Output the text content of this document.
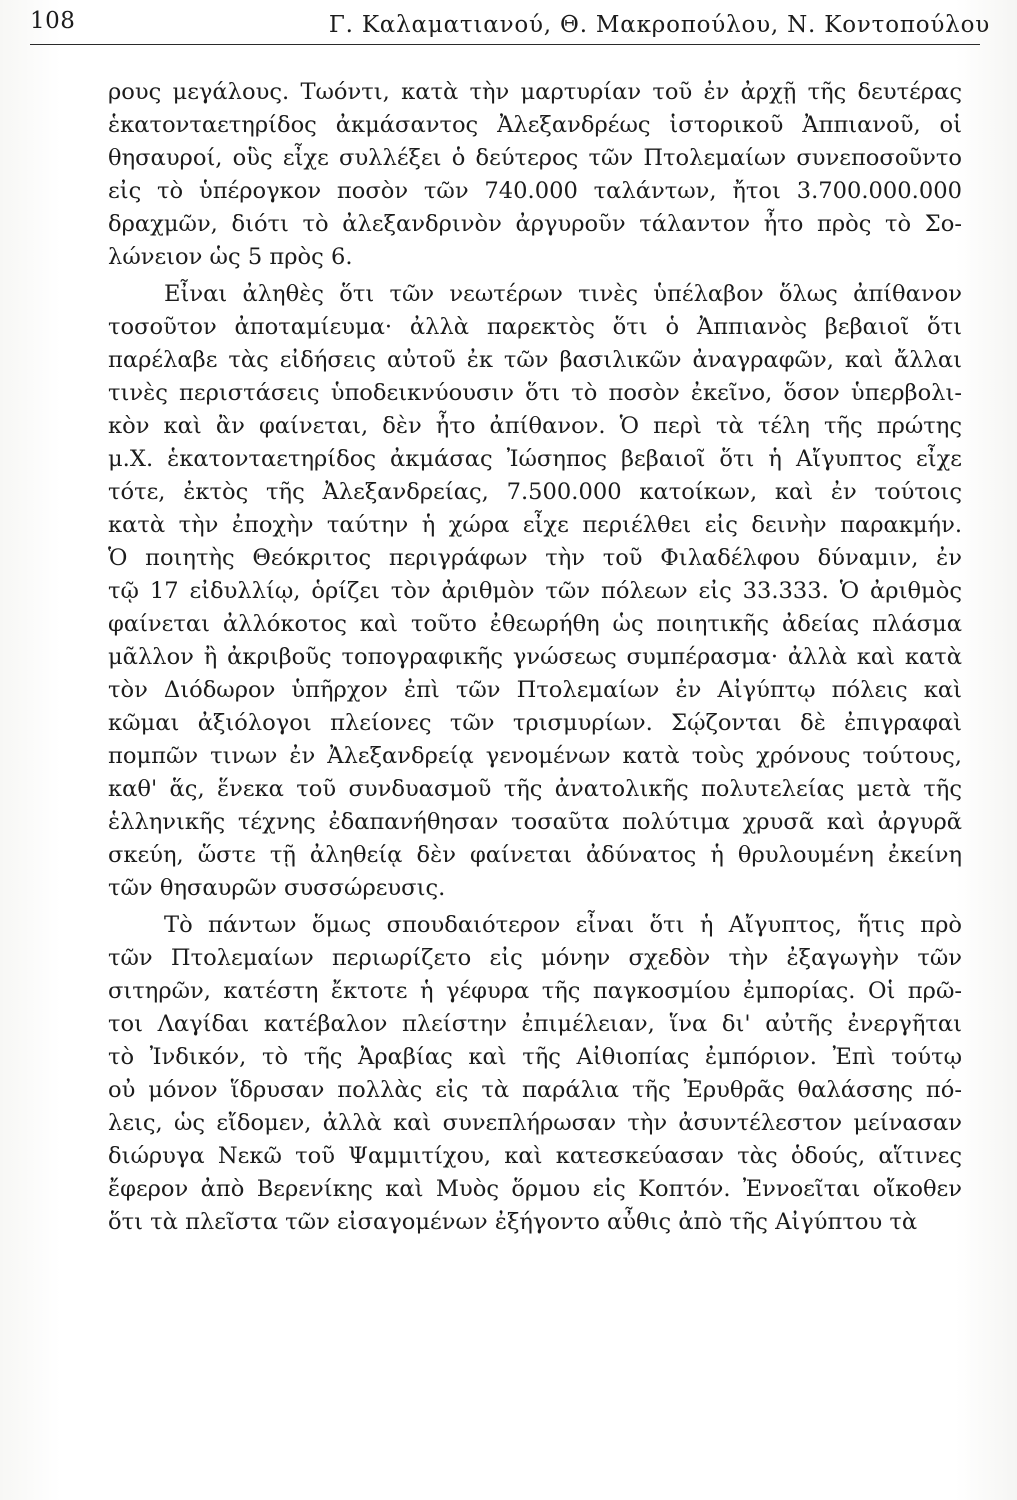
108	Γ. Καλαματιανού, Θ. Μακροπούλου, Ν. Κοντοπούλου
ρους μεγάλους. Τωόντι, κατὰ τὴν μαρτυρίαν τοῦ ἐν ἀρχῇ τῆς δευτέρας
ἑκατονταετηρίδος ἀκμάσαντος Ἀλεξανδρέως ἱστορικοῦ Ἀππιανοῦ, οἱ
θησαυροί, οὓς εἶχε συλλέξει ὁ δεύτερος τῶν Πτολεμαίων συνεποσοῦντο
εἰς τὸ ὑπέρογκον ποσὸν τῶν 740.000 ταλάντων, ἤτοι 3.700.000.000
δραχμῶν, διότι τὸ ἀλεξανδρινὸν ἀργυροῦν τάλαντον ἦτο πρὸς τὸ Σο-
λώνειον ὡς 5 πρὸς 6.
Εἶναι ἀληθὲς ὅτι τῶν νεωτέρων τινὲς ὑπέλαβον ὅλως ἀπίθανον
τοσοῦτον ἀποταμίευμα· ἀλλὰ παρεκτὸς ὅτι ὁ Ἀππιανὸς βεβαιοῖ ὅτι
παρέλαβε τὰς εἰδήσεις αὐτοῦ ἐκ τῶν βασιλικῶν ἀναγραφῶν, καὶ ἄλλαι
τινὲς περιστάσεις ὑποδεικνύουσιν ὅτι τὸ ποσὸν ἐκεῖνο, ὅσον ὑπερβολι-
κὸν καὶ ἂν φαίνεται, δὲν ἦτο ἀπίθανον. Ὁ περὶ τὰ τέλη τῆς πρώτης
μ.Χ. ἑκατονταετηρίδος ἀκμάσας Ἰώσηπος βεβαιοῖ ὅτι ἡ Αἴγυπτος εἶχε
τότε, ἐκτὸς τῆς Ἀλεξανδρείας, 7.500.000 κατοίκων, καὶ ἐν τούτοις
κατὰ τὴν ἐποχὴν ταύτην ἡ χώρα εἶχε περιέλθει εἰς δεινὴν παρακμήν.
Ὁ ποιητὴς Θεόκριτος περιγράφων τὴν τοῦ Φιλαδέλφου δύναμιν, ἐν
τῷ 17 εἰδυλλίῳ, ὁρίζει τὸν ἀριθμὸν τῶν πόλεων εἰς 33.333. Ὁ ἀριθμὸς
φαίνεται ἀλλόκοτος καὶ τοῦτο ἐθεωρήθη ὡς ποιητικῆς ἀδείας πλάσμα
μᾶλλον ἢ ἀκριβοῦς τοπογραφικῆς γνώσεως συμπέρασμα· ἀλλὰ καὶ κατὰ
τὸν Διόδωρον ὑπῆρχον ἐπὶ τῶν Πτολεμαίων ἐν Αἰγύπτῳ πόλεις καὶ
κῶμαι ἀξιόλογοι πλείονες τῶν τρισμυρίων. Σῴζονται δὲ ἐπιγραφαὶ
πομπῶν τινων ἐν Ἀλεξανδρείᾳ γενομένων κατὰ τοὺς χρόνους τούτους,
καθ' ἅς, ἕνεκα τοῦ συνδυασμοῦ τῆς ἀνατολικῆς πολυτελείας μετὰ τῆς
ἑλληνικῆς τέχνης ἐδαπανήθησαν τοσαῦτα πολύτιμα χρυσᾶ καὶ ἀργυρᾶ
σκεύη, ὥστε τῇ ἀληθείᾳ δὲν φαίνεται ἀδύνατος ἡ θρυλουμένη ἐκείνη
τῶν θησαυρῶν συσσώρευσις.
Τὸ πάντων ὅμως σπουδαιότερον εἶναι ὅτι ἡ Αἴγυπτος, ἥτις πρὸ
τῶν Πτολεμαίων περιωρίζετο εἰς μόνην σχεδὸν τὴν ἐξαγωγὴν τῶν
σιτηρῶν, κατέστη ἔκτοτε ἡ γέφυρα τῆς παγκοσμίου ἐμπορίας. Οἱ πρῶ-
τοι Λαγίδαι κατέβαλον πλείστην ἐπιμέλειαν, ἵνα δι' αὐτῆς ἐνεργῆται
τὸ Ἰνδικόν, τὸ τῆς Ἀραβίας καὶ τῆς Αἰθιοπίας ἐμπόριον. Ἐπὶ τούτῳ
οὐ μόνον ἵδρυσαν πολλὰς εἰς τὰ παράλια τῆς Ἐρυθρᾶς θαλάσσης πό-
λεις, ὡς εἴδομεν, ἀλλὰ καὶ συνεπλήρωσαν τὴν ἀσυντέλεστον μείνασαν
διώρυγα Νεκῶ τοῦ Ψαμμιτίχου, καὶ κατεσκεύασαν τὰς ὁδούς, αἵτινες
ἔφερον ἀπὸ Βερενίκης καὶ Μυὸς ὅρμου εἰς Κοπτόν. Ἐννοεῖται οἴκοθεν
ὅτι τὰ πλεῖστα τῶν εἰσαγομένων ἐξήγοντο αὖθις ἀπὸ τῆς Αἰγύπτου τὰ
